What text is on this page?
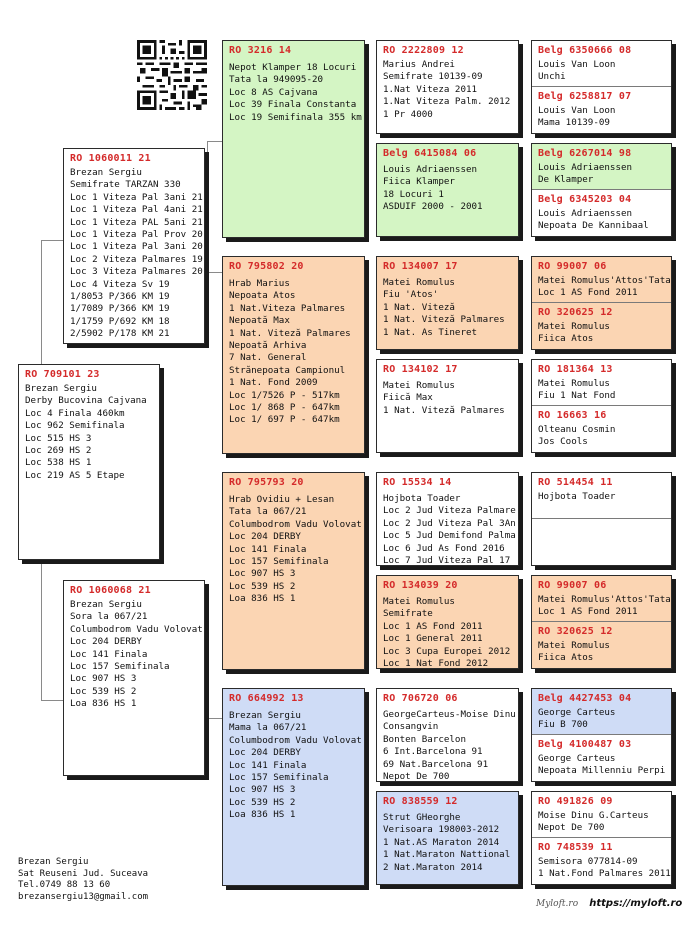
RO 709101 23
Brezan Sergiu
Derby Bucovina Cajvana
Loc 4 Finala 460km
Loc 962 Semifinala
Loc 515 HS 3
Loc 269 HS 2
Loc 538 HS 1
Loc 219 AS 5 Etape
RO 1060011 21
Brezan Sergiu
Semifrate TARZAN 330
Loc 1 Viteza Pal 3ani 21
Loc 1 Viteza Pal 4ani 21
Loc 1 Viteza PAL 5ani 21
Loc 1 Viteza Pal Prov 20
Loc 1 Viteza Pal 3ani 20
Loc 2 Viteza Palmares 19
Loc 3 Viteza Palmares 20
Loc 4 Viteza Sv 19
1/8053 P/366 KM 19
1/7089 P/366 KM 19
1/1759 P/692 KM 18
2/5902 P/178 KM 21
RO 1060068 21
Brezan Sergiu
Sora la 067/21
Columbodrom Vadu Volovat
Loc 204 DERBY
Loc 141 Finala
Loc 157 Semifinala
Loc 907 HS 3
Loc 539 HS 2
Loa 836 HS 1
RO 3216 14
Nepot Klamper 18 Locuri
Tata la 949095-20
Loc 8 AS Cajvana
Loc 39 Finala Constanta
Loc 19 Semifinala 355 km
RO 795802 20
Hrab Marius
Nepoata Atos
1 Nat.Viteza Palmares
Nepoată Max
1 Nat. Viteză Palmares
Nepoată Arhiva
7 Nat. General
Strănepoata Campionul
1 Nat. Fond 2009
Loc 1/7526 P - 517km
Loc 1/ 868 P - 647km
Loc 1/ 697 P - 647km
RO 795793 20
Hrab Ovidiu + Lesan
Tata la 067/21
Columbodrom Vadu Volovat
Loc 204 DERBY
Loc 141 Finala
Loc 157 Semifinala
Loc 907 HS 3
Loc 539 HS 2
Loa 836 HS 1
RO 664992 13
Brezan Sergiu
Mama la 067/21
Columbodrom Vadu Volovat
Loc 204 DERBY
Loc 141 Finala
Loc 157 Semifinala
Loc 907 HS 3
Loc 539 HS 2
Loa 836 HS 1
RO 2222809 12
Marius Andrei
Semifrate 10139-09
1.Nat Viteza 2011
1.Nat Viteza Palm. 2012
1 Pr 4000
Belg 6415084 06
Louis Adriaenssen
Fiica Klamper
18 Locuri 1
ASDUIF 2000 - 2001
RO 134007 17
Matei Romulus
Fiu 'Atos'
1 Nat. Viteză
1 Nat. Viteză Palmares
1 Nat. As Tineret
RO 134102 17
Matei Romulus
Fiică Max
1 Nat. Viteză Palmares
RO 15534 14
Hojbota Toader
Loc 2 Jud Viteza Palmare
Loc 2 Jud Viteza Pal 3An
Loc 5 Jud Demifond Palma
Loc 6 Jud As Fond 2016
Loc 7 Jud Viteza Pal 17
RO 134039 20
Matei Romulus
Semifrate
Loc 1 AS Fond 2011
Loc 1 General 2011
Loc 3 Cupa Europei 2012
Loc 1 Nat Fond 2012
RO 706720 06
GeorgeCarteus-Moise Dinu
Consangvin
Bonten Barcelon
6 Int.Barcelona 91
69 Nat.Barcelona 91
Nepot De 700
RO 838559 12
Strut GHeorghe
Verisoara 198003-2012
1 Nat.AS Maraton 2014
1 Nat.Maraton Nattional
2 Nat.Maraton 2014
Belg 6350666 08
Louis Van Loon
Unchi
Belg 6258817 07
Louis Van Loon
Mama 10139-09
Belg 6267014 98
Louis Adriaenssen
De Klamper
Belg 6345203 04
Louis Adriaenssen
Nepoata De Kannibaal
RO 99007 06
Matei Romulus'Attos'Tata
Loc 1 AS Fond 2011
RO 320625 12
Matei Romulus
Fiica Atos
RO 181364 13
Matei Romulus
Fiu 1 Nat Fond
RO 16663 16
Olteanu Cosmin
Jos Cools
RO 514454 11
Hojbota Toader
RO 99007 06
Matei Romulus'Attos'Tata
Loc 1 AS Fond 2011
RO 320625 12
Matei Romulus
Fiica Atos
Belg 4427453 04
George Carteus
Fiu B 700
Belg 4100487 03
George Carteus
Nepoata Millenniu Perpi
RO 491826 09
Moise Dinu G.Carteus
Nepot De 700
RO 748539 11
Semisora 077814-09
1 Nat.Fond Palmares 2011
Brezan Sergiu
Sat Reuseni Jud. Suceava
Tel.0749 88 13 60
brezansergiu13@gmail.com
Myloft.ro https://myloft.ro
